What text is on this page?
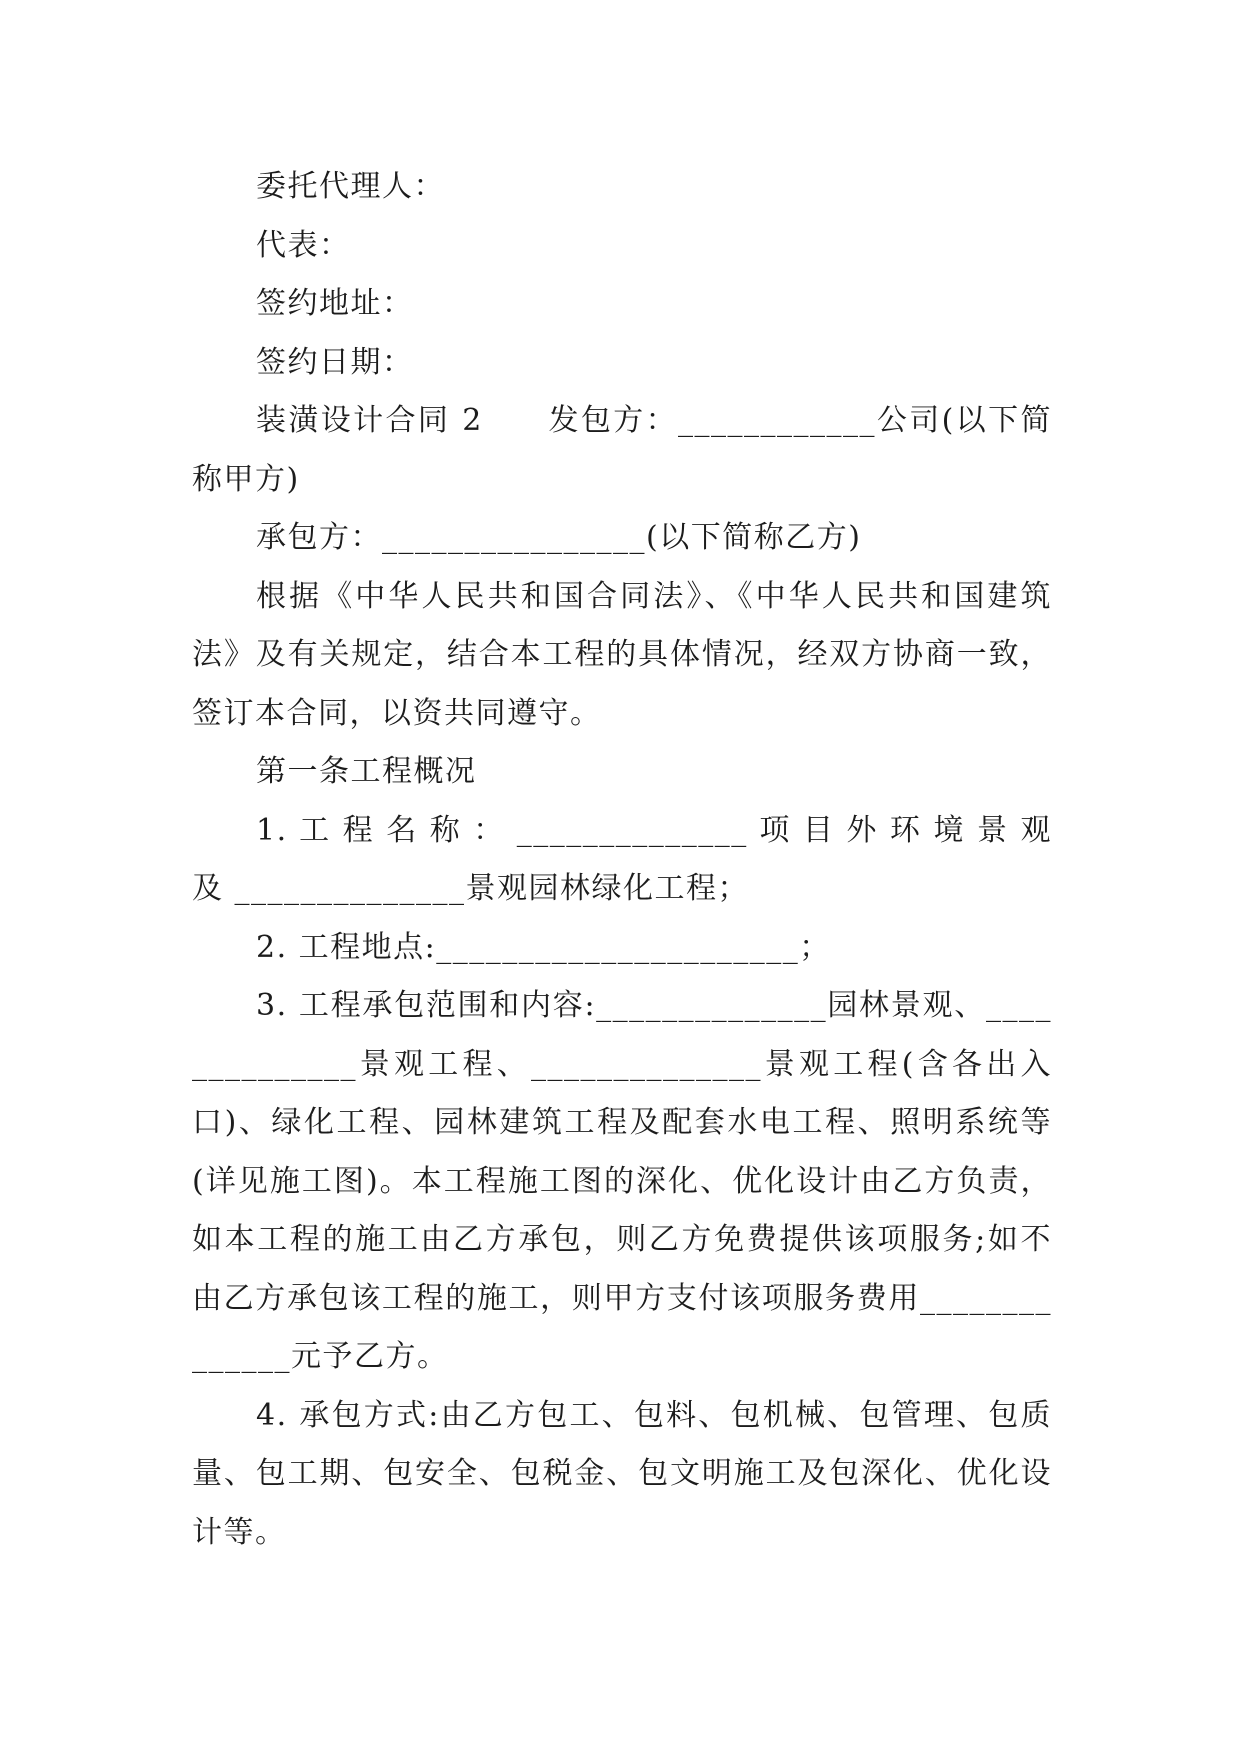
委托代理人：

代表：

签约地址：

签约日期：

装潢设计合同 2　　发包方：____________公司(以下简称甲方)

承包方：________________(以下简称乙方)

根据《中华人民共和国合同法》、《中华人民共和国建筑法》及有关规定，结合本工程的具体情况，经双方协商一致，签订本合同，以资共同遵守。

第一条工程概况

1. 工 程 名 称 ： ______________ 项 目 外 环 境 景 观 及 ______________景观园林绿化工程；

2. 工程地点:______________________；

3. 工程承包范围和内容:______________园林景观、______________景观工程、______________景观工程(含各出入口)、绿化工程、园林建筑工程及配套水电工程、照明系统等(详见施工图)。本工程施工图的深化、优化设计由乙方负责，如本工程的施工由乙方承包，则乙方免费提供该项服务;如不由乙方承包该工程的施工，则甲方支付该项服务费用______________元予乙方。

4. 承包方式:由乙方包工、包料、包机械、包管理、包质量、包工期、包安全、包税金、包文明施工及包深化、优化设计等。
